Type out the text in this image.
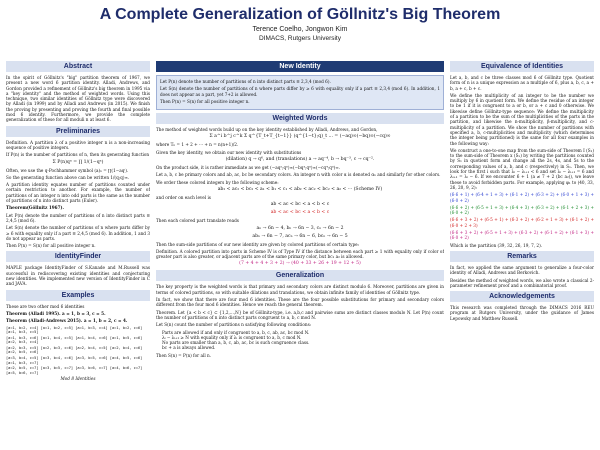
A Complete Generalization of Göllnitz's Big Theorem
Terence Coelho, Jongwon Kim
DIMACS, Rutgers University
Abstract
In the spirit of Göllnitz's "big" partition theorem of 1967, we present a new word 6 partition identity. Alladi, Andrews, and Gordon provided a refinement of Göllnitz's big theorem in 1995 via a "key identity" and the method of weighted words. Using this technique, two similar identities of Göllnitz type were discovered by Alladi (in 1999) and by Alladi and Andrews (in 2015). We finish the proving by presenting and proving the fourth and final possible mod 6 identity. Furthermore, we provide the complete generalization of these for all moduli n at least 6.
Preliminaries
Definition. A partition λ of a positive integer n is a non-increasing sequence of positive integers.
If P(n) is the number of partitions of n, then its generating function
Σ P(n)qⁿ = ∏ 1/(1−qⁿ)
Often, we use the q-Pochhammer symbol (a)ₙ = ∏(1−aqⁱ).
So the generating function above can be written 1/(q;q)∞.
A partition identity equates number of partitions counted under certain restriction to another. For example, the number of partitions of an integer n into odd parts is the same as the number of partitions of n into distinct parts (Euler).
Theorem(Göllnitz 1967).
Let P(n) denote the number of partitions of n into distinct parts ≡ 2,4,5 (mod 6).
Let S(n) denote the number of partitions of n where parts differ by ≥ 6 with equality only if a part ≡ 2,4,5 (mod 6). In addition, 1 and 3 do not appear as parts.
Then P(n) = S(n) for all positive integer n.
IdentityFinder
MAPLE package IdentityFinder of S.Kanade and M.Russell was successful in rediscovering existing identities and conjecturing new identities. We implemented new version of IdentityFinder in C and JAVA.
Examples
These are two other mod 6 identities
Theorem (Alladi 1995). a = 1, b = 3, c = 5.
Theorem (Alladi-Andrews 2015). a = 1, b = 2, c = 4.
[a=1, b=2, c=4] [a=1, b=2, c=5] [a=1, b=3, c=4] [a=1, b=2, c=6] [a=1, b=3, c=5]
[a=1, b=3, c=6] [a=1, b=4, c=5] [a=1, b=4, c=6] [a=1, b=5, c=6] [a=2, b=3, c=4]
[a=2, b=3, c=5] [a=2, b=3, c=6] [a=2, b=4, c=5] [a=2, b=4, c=6] [a=2, b=5, c=6]
[a=3, b=4, c=5] [a=3, b=4, c=6] [a=3, b=5, c=6] [a=4, b=5, c=6] [a=1, b=3, c=7]
[a=2, b=5, c=7] [a=3, b=5, c=7] [a=3, b=6, c=7] [a=4, b=6, c=7] [a=5, b=6, c=7]
Mod 8 Identities
New Identity
Let P(n) denote the number of partitions of n into distinct parts ≡ 2,3,4 (mod 6).
Let S(n) denote the number of partitions of n where parts differ by ≥ 6 with equality only if a part ≡ 2,3,4 (mod 6). In addition, 1 does not appear as a part, yet 7+2 is allowed.
Then P(n) = S(n) for all positive integer n.
Weighted Words
The method of weighted words build up on the key identity established by Alladi, Andrews, and Gordon,
Σ a^i b^j c^k Σ q^{T_t+T_{t−1}} (q^{1−t};q)_t ... = (−aq)∞(−bq)∞(−cq)∞
where Tₙ = 1 + 2 + ··· + n = n(n+1)/2.
Given the key identity, we obtain our new identity with substitutions
(dilation) q → q⁶, and (translations) a → aq⁻⁴, b → bq⁻³, c → cq⁻².
On the product side, it is rather immediate as we get (−aq²;q⁶)∞(−bq³;q⁶)∞(−cq⁴;q⁶)∞.
Let a, b, c be primary colors and ab, ac, bc be secondary colors. An integer n with color α is denoted αₙ and similarly for other colors.
We order these colored integers by the following scheme:
ab₂ < ac₂ < bc₂ < a₁ < b₁ < c₁ < ab₂ < ac₂ < bc₂ < a₂ < ··· (Scheme IV)
and order on each level is
ab < ac < bc < a < b < c
ab < ac < bc < a < b < c
Then each colored part translate reads
aₙ → 6n − 4, bₙ → 6n − 3, cₙ → 6n − 2
abₙ → 6n − 7, acₙ → 6n − 6, bcₙ → 6n − 5
Then the sum-side partitions of our new identity are given by colored partitions of certain type:
Definition. A colored partition into parts in Scheme IV is of Type IV if the distance between each part ≥ 1 with equality only if color of greater part is also greater, or adjacent parts are of the same primary color, but bc₁ a₂ is allowed.
(7 + 4 + 4 + 3 + 2) → (40 + 33 + 26 + 19 + 12 + 5)
Generalization
The key property is the weighted words is that primary and secondary colors are distinct modulo 6. Moreover, partitions are given in terms of colored partitions, so with suitable dilations and translations, we obtain infinite family of identities of Göllnitz type.
In fact, we show that there are four mod 6 identities. These are the four possible substitutions for primary and secondary colors different from the four mod 6 identities. Hence we reach the general theorem.
Theorem. Let {a < b < c} ⊂ {1,2,...,N} be of Göllnitz-type, i.e. a,b,c and pairwise sums are distinct classes modulo N. Let P(n) count the number of partitions of n into distinct parts congruent to a, b, c mod N.
Let S(n) count the number of partitions n satisfying following conditions:
• Parts are allowed if and only if congruent to a, b, c, ab, ac, bc mod N.
• λᵢ − λᵢ₊₁ ≥ N with equality only if λᵢ is congruent to a, b, c mod N.
• No parts are smaller than a, b, c, ab, ac, bc is such congruence class.
• bc + a is always allowed.
Then S(n) = P(n) for all n.
Equivalence of Identities
Let a, b, and c be three classes mod 6 of Göllnitz type. Quotient form of n is a unique expression as a multiple of 6, plus a, b, c, a + b, a + c, b + c.
We define the multiplicity of an integer to be the number we multiply by 6 in quotient form. We define the residue of an integer to be 1 if it is congruent to a or b, or a + c and 0 otherwise. We likewise define Göllnitz-type sequence: We define the multiplicity of a partition to be the sum of the multiplicities of the parts in the partition, and likewise the n-multiplicity, β-multiplicity, and c-multiplicity of a partition. We show the number of partitions with specified a, b, c-multiplicities and multiplicity (which determines the integer being partitioned) is the same for all four examples in the following way:
We construct a one-to-one map from the sum-side of Theorem I (S₁) to the sum-side of Theorem x (Sₓ) by writing the partitions counted by S₁ in quotient form and change all the 2s, 4s, and 5s to the corresponding values of a, b, and c (respectively) in Sₓ. Then, we look for the first i such that λᵢ − λᵢ₊₁ < 6 and set λᵢ − λᵢ₊₁ = 6 and λᵢ₊₁ = λᵢ − 6. If we encounter 6 + 1 (a ≠ 7 + 2 (bc a₂)), we leave these to avoid forbidden parts. For example, applying φ₁ to (40, 33, 26, 20, 9, 2):
(6·6 + 1) + (6·4 + 1 + 3) + (6·1 + 2) + (6·3 + 2) + (6·0 + 1 + 3) + (6·0 + 2)
(6·6 + 2) + (6·5 + 1 + 3) + (6·4 + 3) + (6·3 + 2) + (6·1 + 2 + 3) + (6·0 + 2)
(6·6 + 3 + 2) + (6·5 + 1) + (6·3 + 2) + (6·2 + 1 + 3) + (6·1 + 2) + (6·0 + 2 + 3)
(6·6 + 3 + 2) + (6·5 + 1 + 3) + (6·3 + 2) + (6·1 + 2) + (6·1 + 3) + (6·0 + 2)
Which is the partition (39, 32, 26, 19, 7, 2).
Remarks
In fact, we applied the same argument to generalize a four-color identity of Alladi, Andrews and Berkovich.
Besides the method of weighted words, we also wrote a classical 2-parameter refinement proof and a combinatorial proof.
Acknowledgements
This research was completed through the DIMACS 2016 REU program at Rutgers University, under the guidance of James Lepowsky and Matthew Russell.
